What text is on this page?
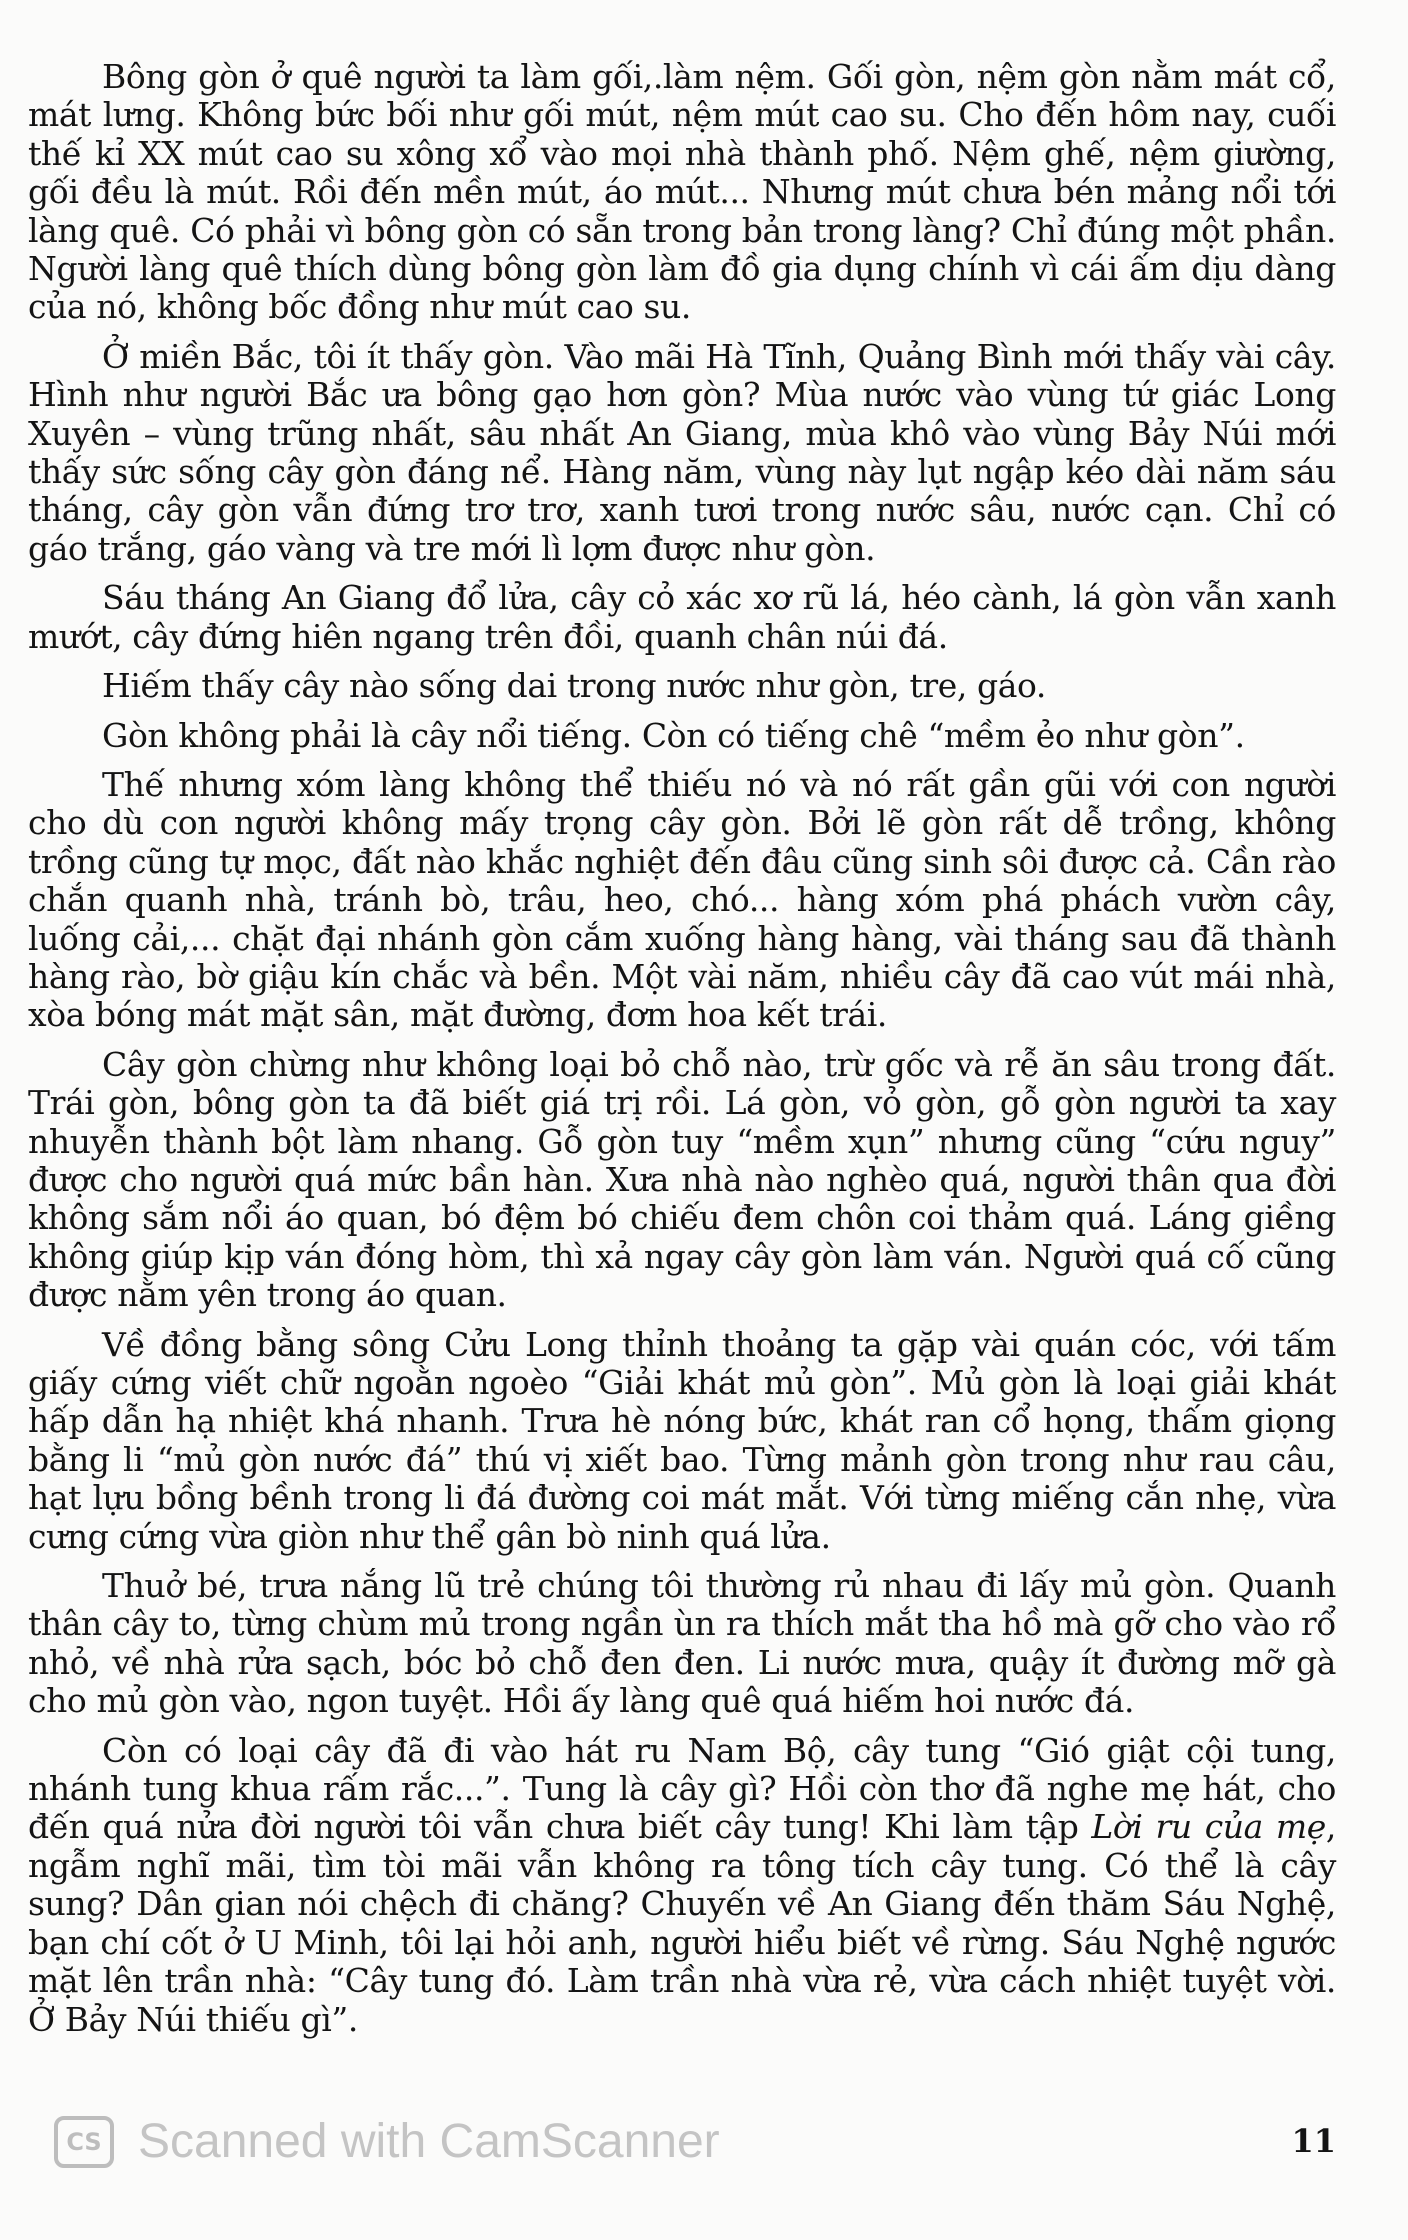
Bông gòn ở quê người ta làm gối,.làm nệm. Gối gòn, nệm gòn nằm mát cổ, mát lưng. Không bức bối như gối mút, nệm mút cao su. Cho đến hôm nay, cuối thế kỉ XX mút cao su xông xổ vào mọi nhà thành phố. Nệm ghế, nệm giường, gối đều là mút. Rồi đến mền mút, áo mút... Nhưng mút chưa bén mảng nổi tới làng quê. Có phải vì bông gòn có sẵn trong bản trong làng? Chỉ đúng một phần. Người làng quê thích dùng bông gòn làm đồ gia dụng chính vì cái ấm dịu dàng của nó, không bốc đồng như mút cao su.

Ở miền Bắc, tôi ít thấy gòn. Vào mãi Hà Tĩnh, Quảng Bình mới thấy vài cây. Hình như người Bắc ưa bông gạo hơn gòn? Mùa nước vào vùng tứ giác Long Xuyên – vùng trũng nhất, sâu nhất An Giang, mùa khô vào vùng Bảy Núi mới thấy sức sống cây gòn đáng nể. Hàng năm, vùng này lụt ngập kéo dài năm sáu tháng, cây gòn vẫn đứng trơ trơ, xanh tươi trong nước sâu, nước cạn. Chỉ có gáo trắng, gáo vàng và tre mới lì lợm được như gòn.

Sáu tháng An Giang đổ lửa, cây cỏ xác xơ rũ lá, héo cành, lá gòn vẫn xanh mướt, cây đứng hiên ngang trên đồi, quanh chân núi đá.

Hiếm thấy cây nào sống dai trong nước như gòn, tre, gáo.

Gòn không phải là cây nổi tiếng. Còn có tiếng chê “mềm ẻo như gòn”.

Thế nhưng xóm làng không thể thiếu nó và nó rất gần gũi với con người cho dù con người không mấy trọng cây gòn. Bởi lẽ gòn rất dễ trồng, không trồng cũng tự mọc, đất nào khắc nghiệt đến đâu cũng sinh sôi được cả. Cần rào chắn quanh nhà, tránh bò, trâu, heo, chó... hàng xóm phá phách vườn cây, luống cải,... chặt đại nhánh gòn cắm xuống hàng hàng, vài tháng sau đã thành hàng rào, bờ giậu kín chắc và bền. Một vài năm, nhiều cây đã cao vút mái nhà, xòa bóng mát mặt sân, mặt đường, đơm hoa kết trái.

Cây gòn chừng như không loại bỏ chỗ nào, trừ gốc và rễ ăn sâu trong đất. Trái gòn, bông gòn ta đã biết giá trị rồi. Lá gòn, vỏ gòn, gỗ gòn người ta xay nhuyễn thành bột làm nhang. Gỗ gòn tuy “mềm xụn” nhưng cũng “cứu nguy” được cho người quá mức bần hàn. Xưa nhà nào nghèo quá, người thân qua đời không sắm nổi áo quan, bó đệm bó chiếu đem chôn coi thảm quá. Láng giềng không giúp kịp ván đóng hòm, thì xả ngay cây gòn làm ván. Người quá cố cũng được nằm yên trong áo quan.

Về đồng bằng sông Cửu Long thỉnh thoảng ta gặp vài quán cóc, với tấm giấy cứng viết chữ ngoằn ngoèo “Giải khát mủ gòn”. Mủ gòn là loại giải khát hấp dẫn hạ nhiệt khá nhanh. Trưa hè nóng bức, khát ran cổ họng, thấm giọng bằng li “mủ gòn nước đá” thú vị xiết bao. Từng mảnh gòn trong như rau câu, hạt lựu bồng bềnh trong li đá đường coi mát mắt. Với từng miếng cắn nhẹ, vừa cưng cứng vừa giòn như thể gân bò ninh quá lửa.

Thuở bé, trưa nắng lũ trẻ chúng tôi thường rủ nhau đi lấy mủ gòn. Quanh thân cây to, từng chùm mủ trong ngần ùn ra thích mắt tha hồ mà gỡ cho vào rổ nhỏ, về nhà rửa sạch, bóc bỏ chỗ đen đen. Li nước mưa, quậy ít đường mỡ gà cho mủ gòn vào, ngon tuyệt. Hồi ấy làng quê quá hiếm hoi nước đá.

Còn có loại cây đã đi vào hát ru Nam Bộ, cây tung “Gió giật cội tung, nhánh tung khua rấm rắc...”. Tung là cây gì? Hồi còn thơ đã nghe mẹ hát, cho đến quá nửa đời người tôi vẫn chưa biết cây tung! Khi làm tập Lời ru của mẹ, ngẫm nghĩ mãi, tìm tòi mãi vẫn không ra tông tích cây tung. Có thể là cây sung? Dân gian nói chệch đi chăng? Chuyến về An Giang đến thăm Sáu Nghệ, bạn chí cốt ở U Minh, tôi lại hỏi anh, người hiểu biết về rừng. Sáu Nghệ ngước mặt lên trần nhà: “Cây tung đó. Làm trần nhà vừa rẻ, vừa cách nhiệt tuyệt vời. Ở Bảy Núi thiếu gì”.

CS Scanned with CamScanner	11
